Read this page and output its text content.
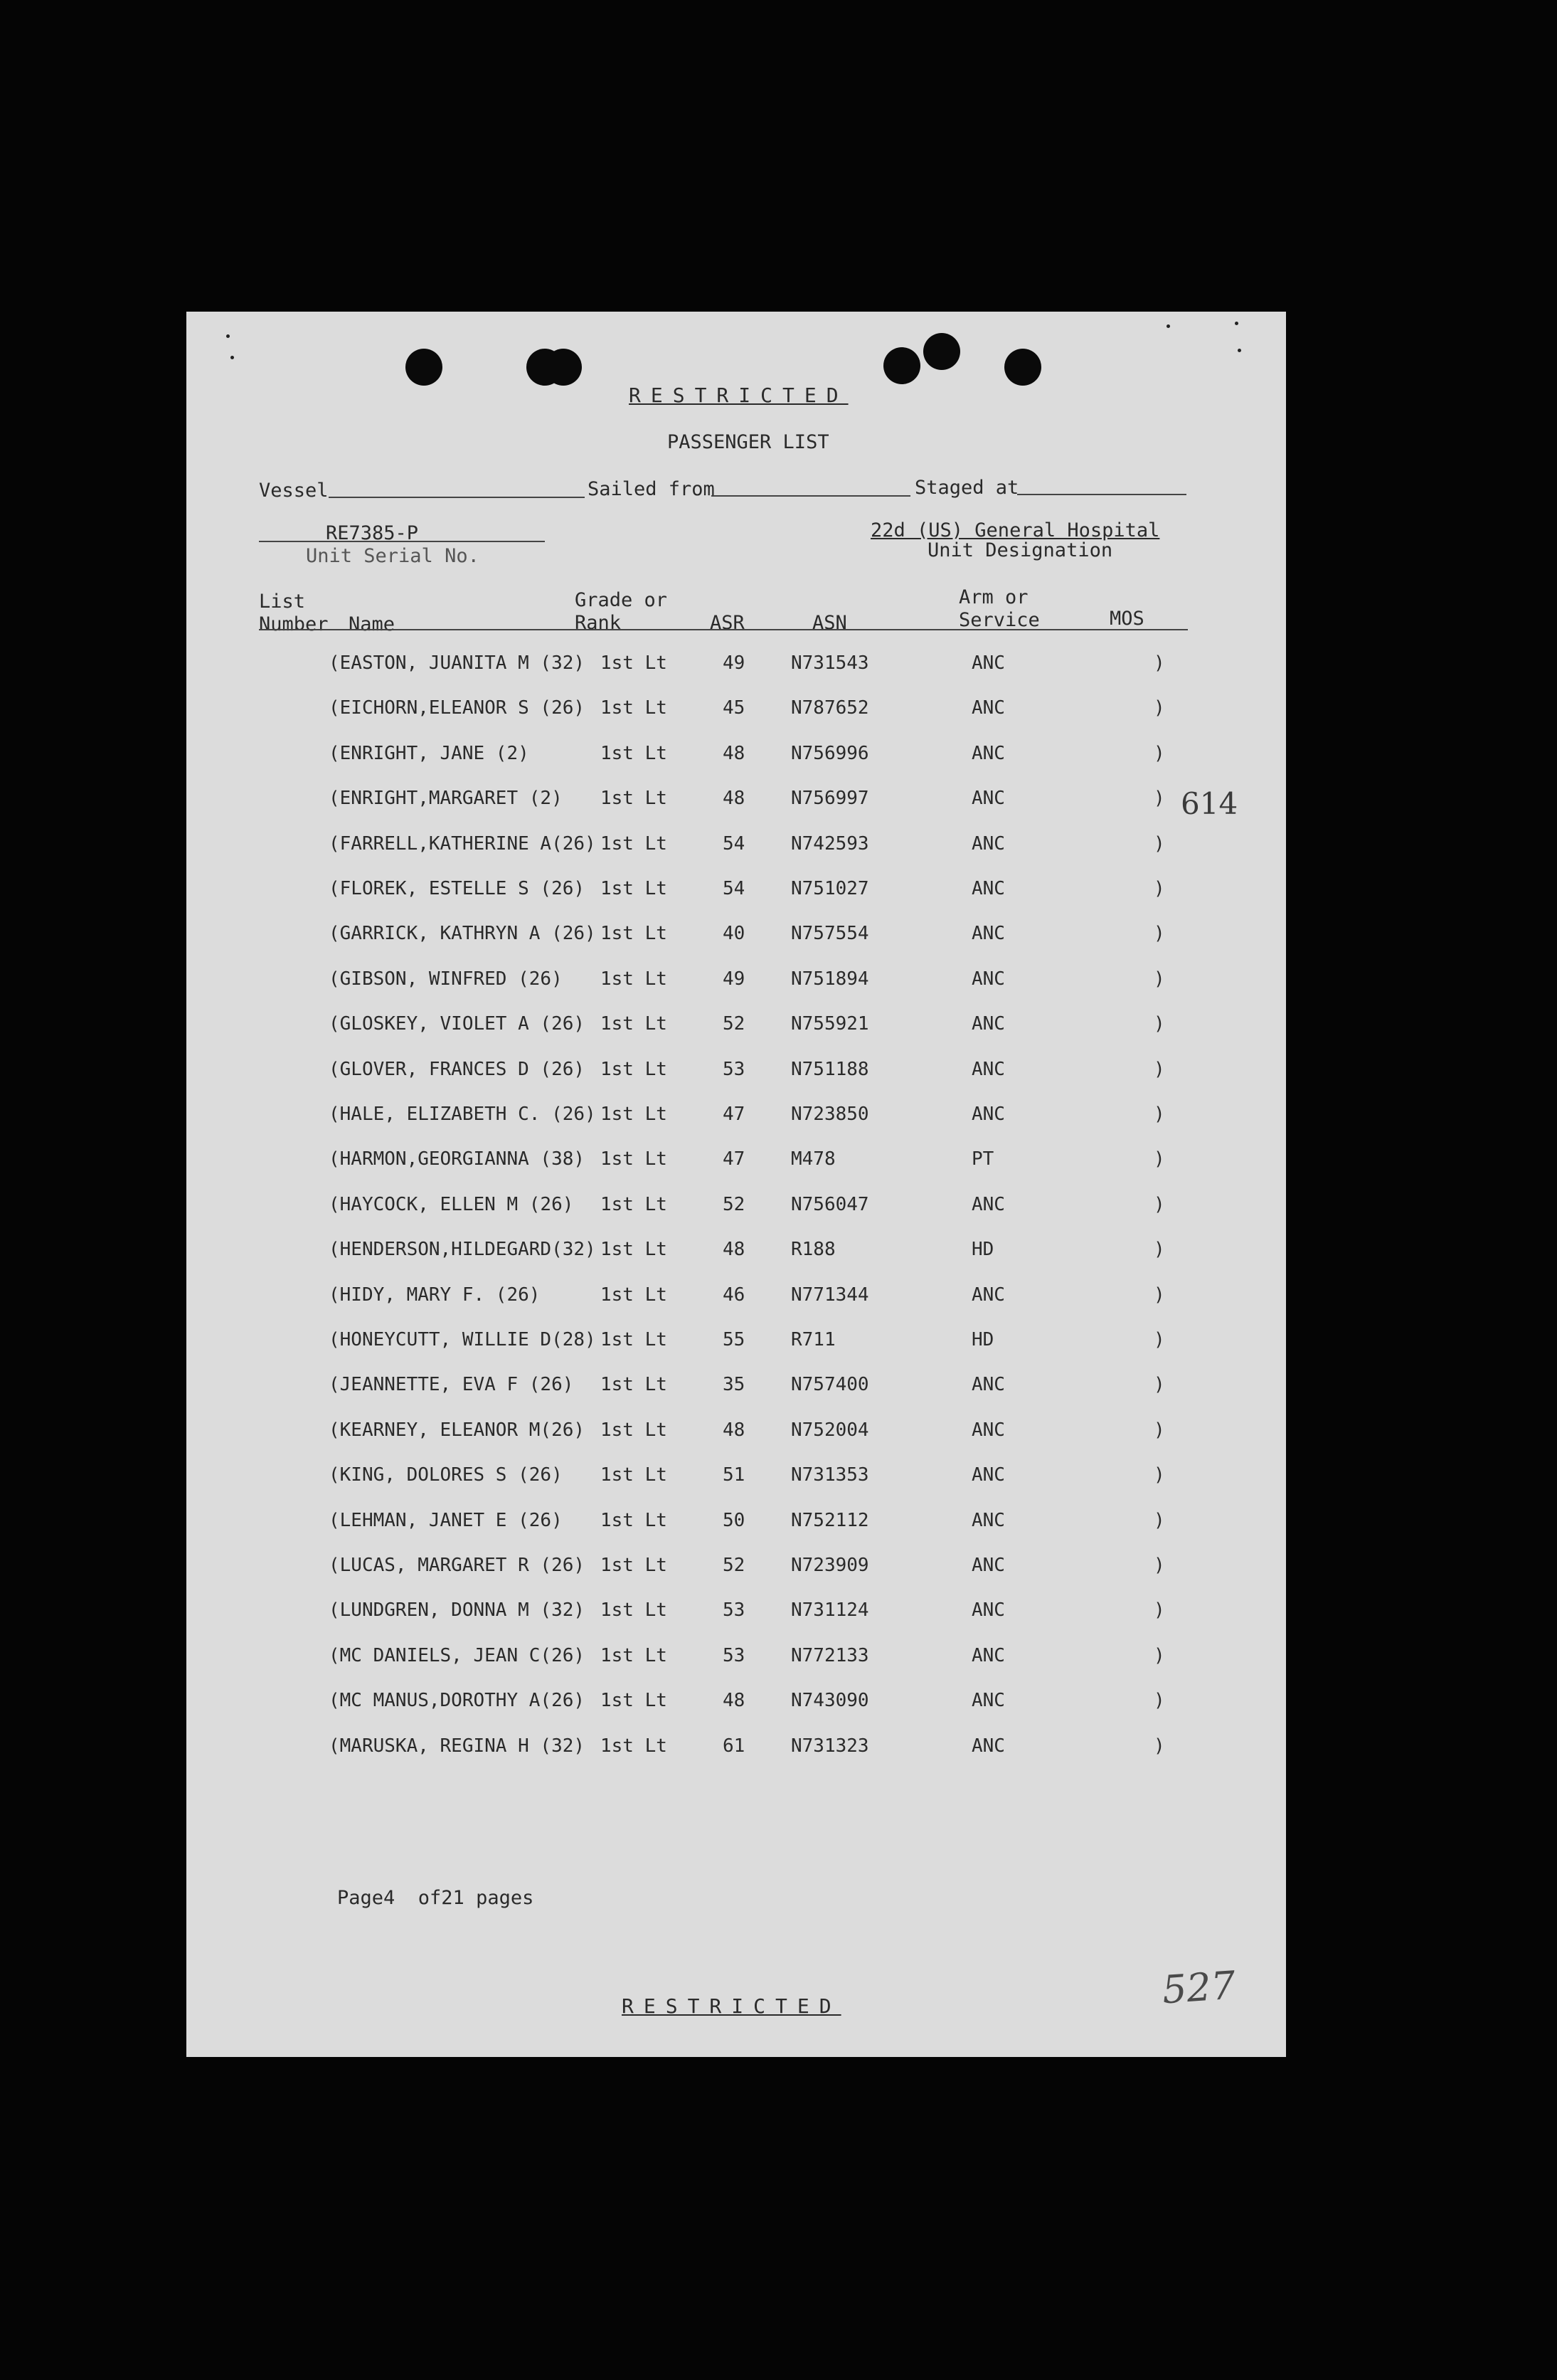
RESTRICTED
PASSENGER LIST
Vessel	Sailed from	Staged at
RE7385-P
Unit Serial No.
22d (US) General Hospital
Unit Designation
List
Number Name
Grade or
Rank	ASR	ASN
Arm or
Service	MOS
(EASTON, JUANITA M (32) 1st Lt	49 N731543	ANC	)
(EICHORN,ELEANOR S (26) 1st Lt	45 N787652	ANC	)
(ENRIGHT, JANE (2)	1st Lt	48 N756996	ANC	)
(ENRIGHT,MARGARET (2) 1st Lt	48 N756997	ANC	)
(FARRELL,KATHERINE A(26) 1st Lt	54 N742593	ANC	)
(FLOREK, ESTELLE S (26) 1st Lt	54 N751027	ANC	)
(GARRICK, KATHRYN A (26) 1st Lt	40 N757554	ANC	)
(GIBSON, WINFRED (26) 1st Lt	49 N751894	ANC	)
(GLOSKEY, VIOLET A (26) 1st Lt	52 N755921	ANC	)
(GLOVER, FRANCES D (26) 1st Lt	53 N751188	ANC	)
(HALE, ELIZABETH C. (26) 1st Lt	47 N723850	ANC	)
(HARMON,GEORGIANNA (38) 1st Lt	47 M478	PT	)
(HAYCOCK, ELLEN M (26) 1st Lt	52 N756047	ANC	)
(HENDERSON,HILDEGARD(32) 1st Lt	48 R188	HD	)
(HIDY, MARY F. (26)	1st Lt	46 N771344	ANC	)
(HONEYCUTT, WILLIE D(28) 1st Lt	55 R711	HD	)
(JEANNETTE, EVA F (26) 1st Lt	35 N757400	ANC	)
(KEARNEY, ELEANOR M(26) 1st Lt	48 N752004	ANC	)
(KING, DOLORES S (26) 1st Lt	51 N731353	ANC	)
(LEHMAN, JANET E (26) 1st Lt	50 N752112	ANC	)
(LUCAS, MARGARET R (26) 1st Lt	52 N723909	ANC	)
(LUNDGREN, DONNA M (32) 1st Lt	53 N731124	ANC	)
(MC DANIELS, JEAN C(26) 1st Lt	53 N772133	ANC	)
(MC MANUS,DOROTHY A(26) 1st Lt	48 N743090	ANC	)
(MARUSKA, REGINA H (32) 1st Lt	61 N731323	ANC	)
Page4  of21 pages
RESTRICTED
614
527
